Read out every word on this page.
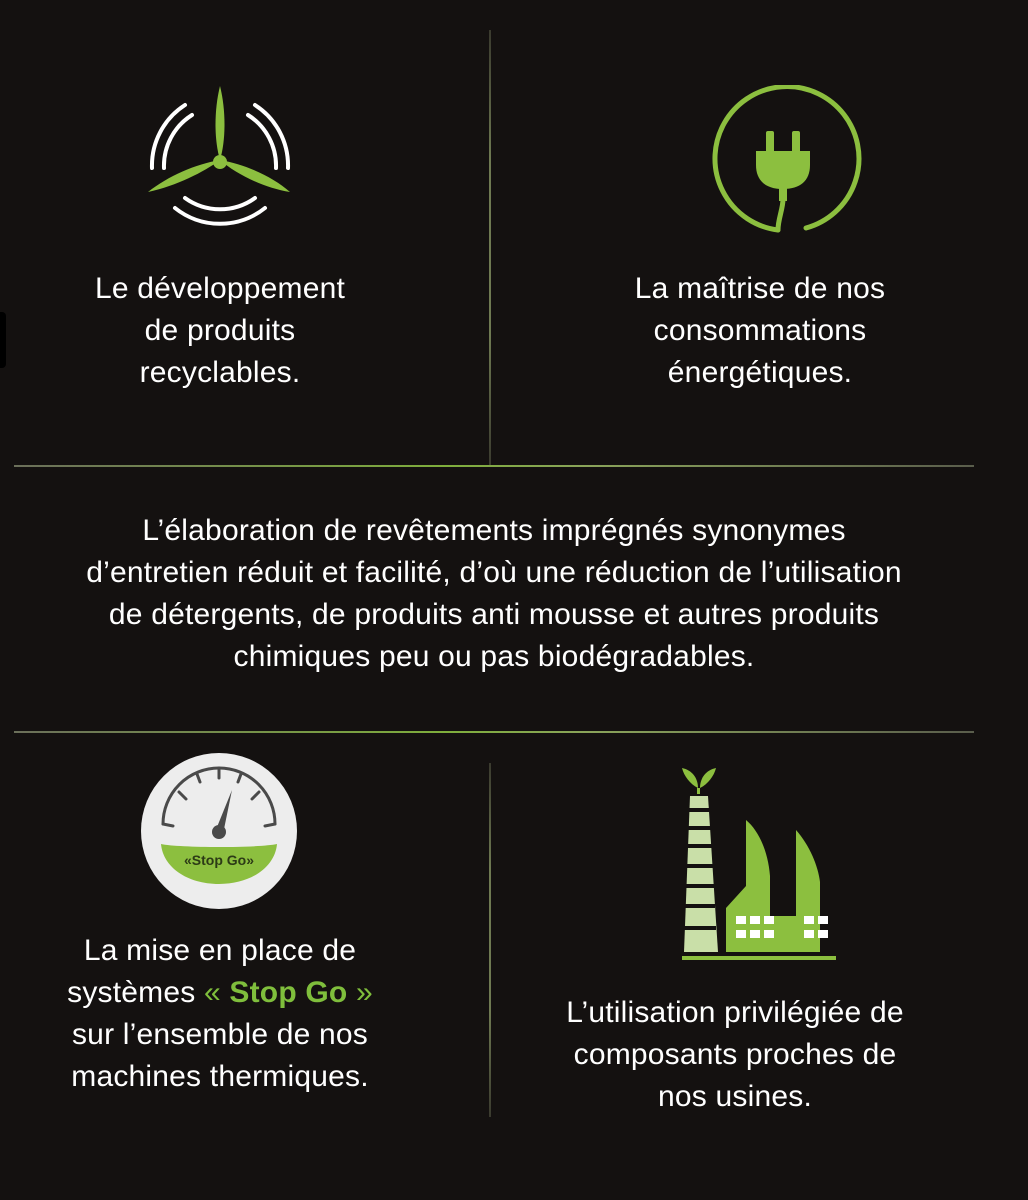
Le développement

de produits

recyclables.

La maîtrise de nos

consommations

énergétiques.

L’élaboration de revêtements imprégnés synonymes

d’entretien réduit et facilité, d’où une réduction de l’utilisation

de détergents, de produits anti mousse et autres produits

chimiques peu ou pas biodégradables.

«Stop Go»

La mise en place de

systèmes « Stop Go »

sur l’ensemble de nos

machines thermiques.

L’utilisation privilégiée de

composants proches de

nos usines.
